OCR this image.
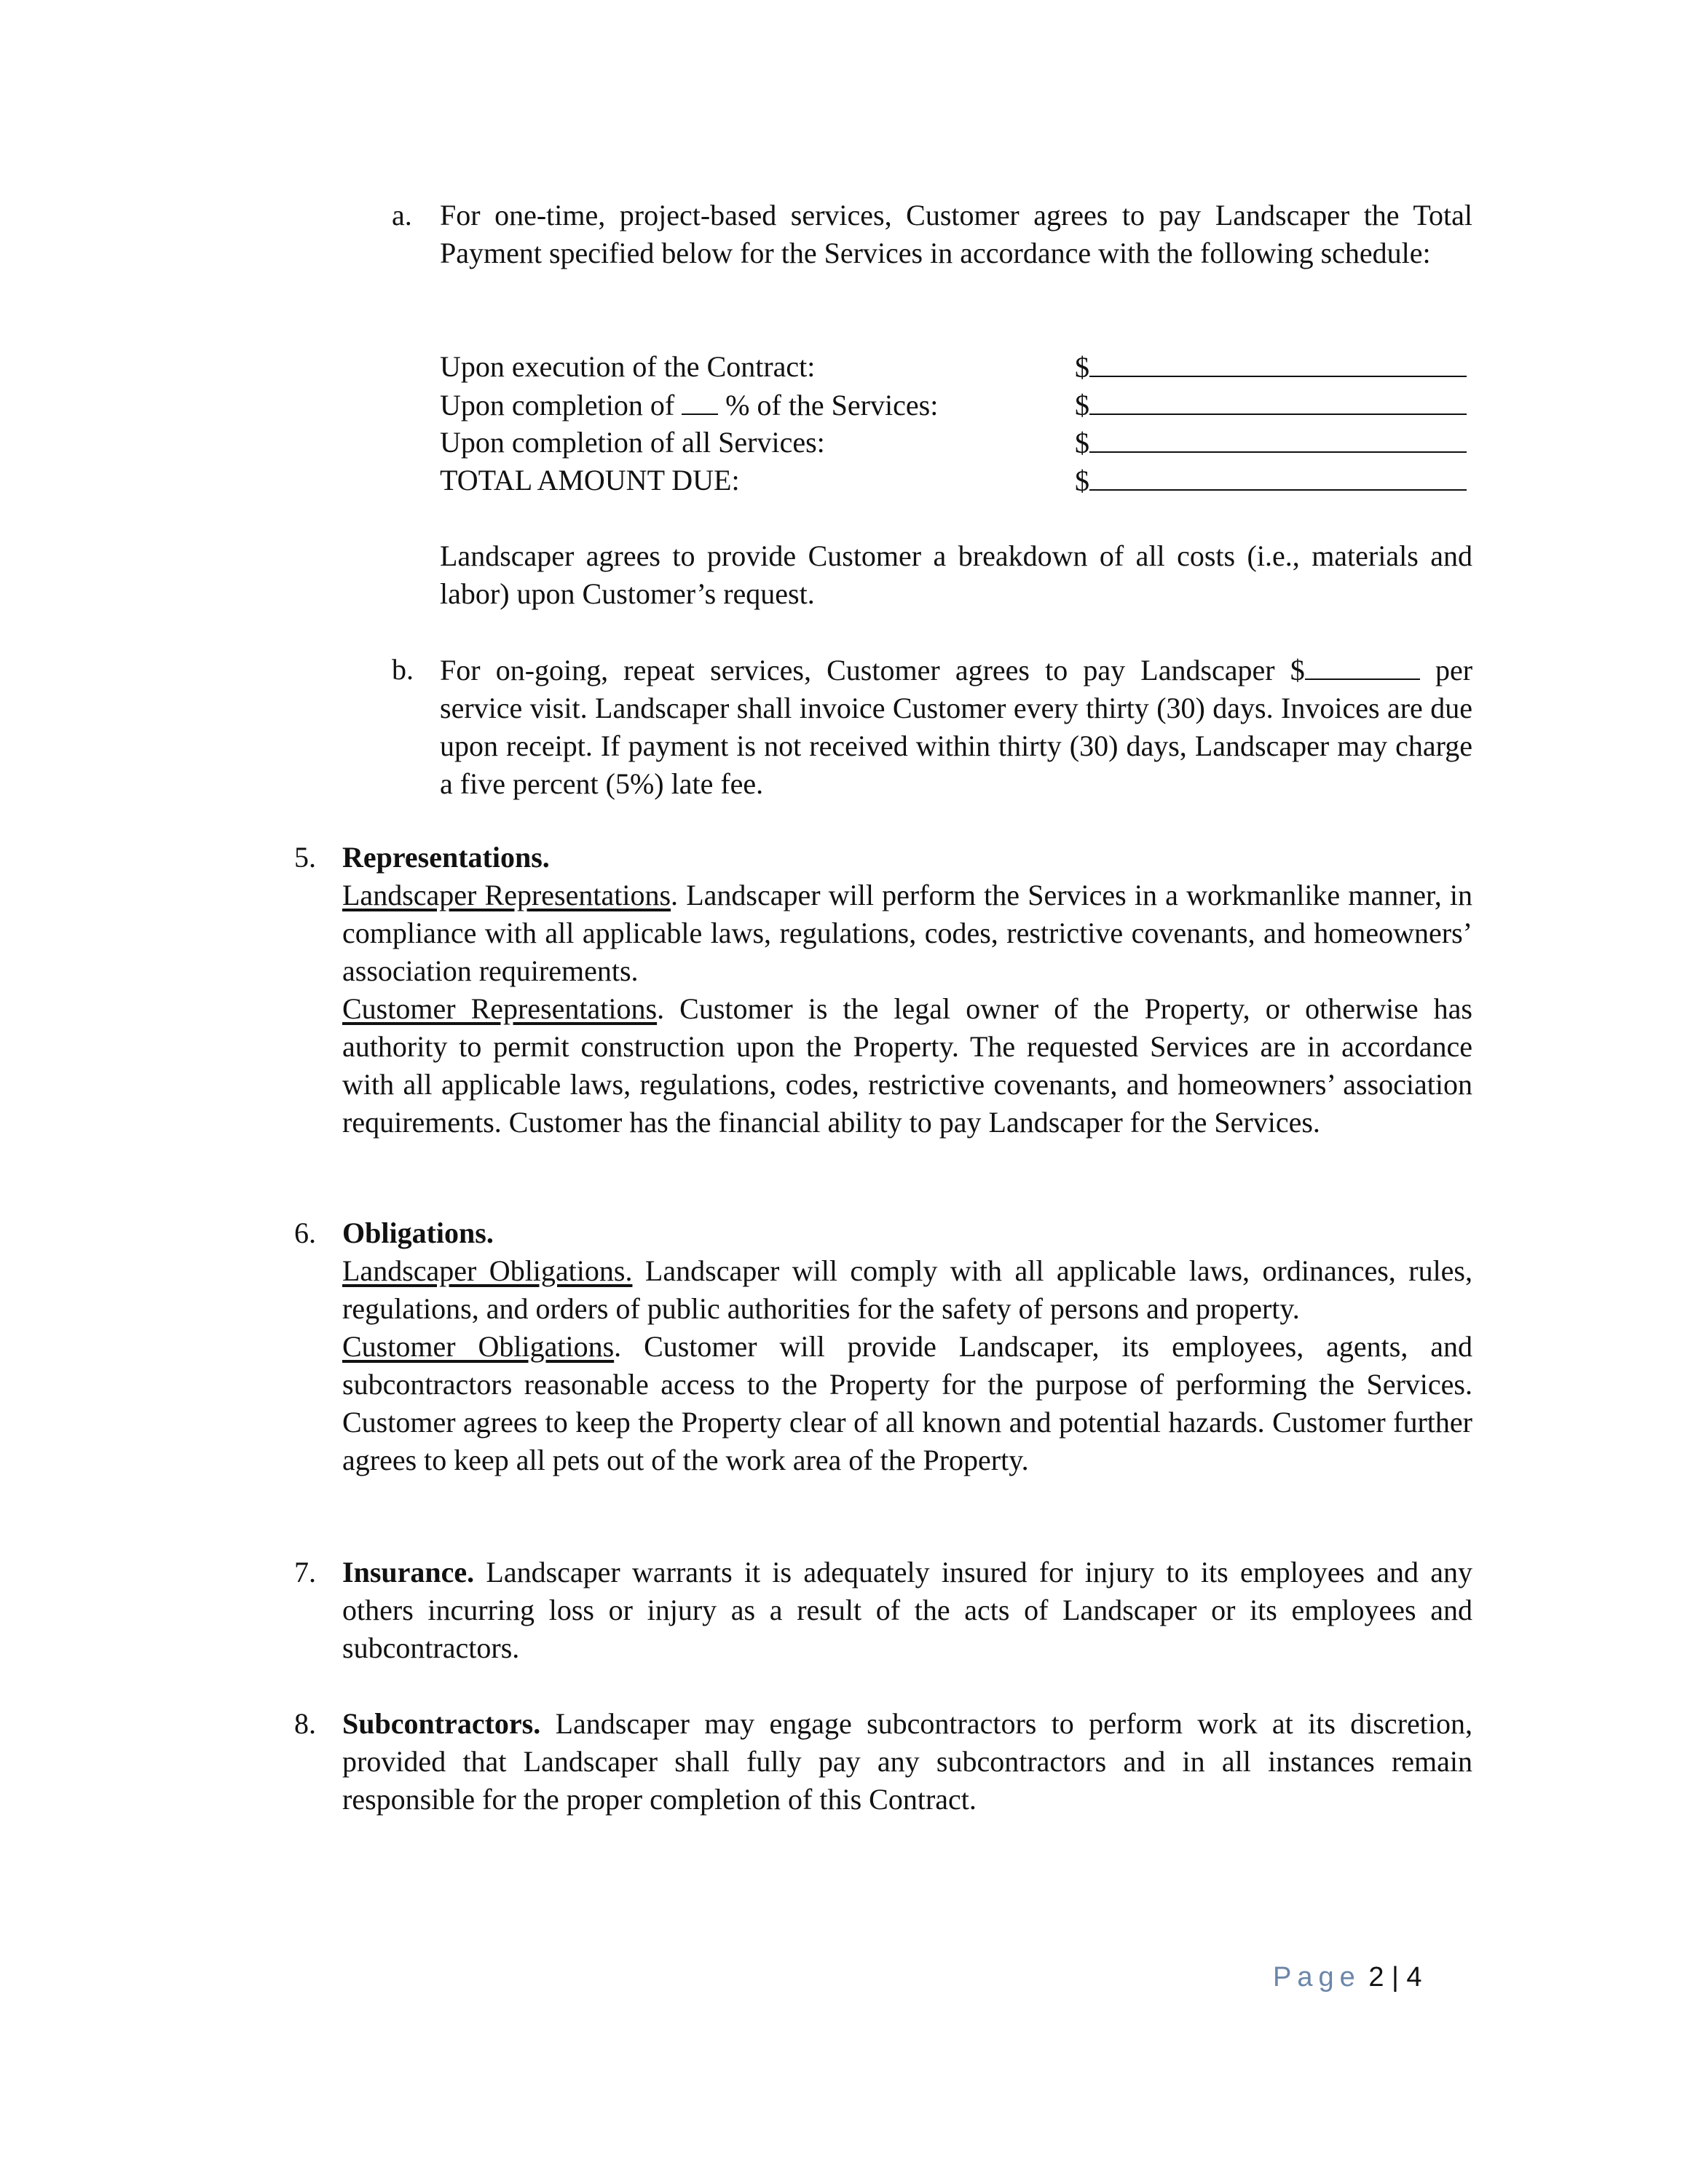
a. For one-time, project-based services, Customer agrees to pay Landscaper the Total Payment specified below for the Services in accordance with the following schedule:

Upon execution of the Contract:	$
Upon completion of % of the Services:	$
Upon completion of all Services:	$
TOTAL AMOUNT DUE:	$

Landscaper agrees to provide Customer a breakdown of all costs (i.e., materials and labor) upon Customer’s request.

b. For on-going, repeat services, Customer agrees to pay Landscaper $	per service visit. Landscaper shall invoice Customer every thirty (30) days. Invoices are due upon receipt. If payment is not received within thirty (30) days, Landscaper may charge a five percent (5%) late fee.

5. Representations.

Landscaper Representations. Landscaper will perform the Services in a workmanlike manner, in compliance with all applicable laws, regulations, codes, restrictive covenants, and homeowners’ association requirements.

Customer Representations. Customer is the legal owner of the Property, or otherwise has authority to permit construction upon the Property. The requested Services are in accordance with all applicable laws, regulations, codes, restrictive covenants, and homeowners’ association requirements. Customer has the financial ability to pay Landscaper for the Services.

6. Obligations.

Landscaper Obligations. Landscaper will comply with all applicable laws, ordinances, rules, regulations, and orders of public authorities for the safety of persons and property.

Customer Obligations. Customer will provide Landscaper, its employees, agents, and subcontractors reasonable access to the Property for the purpose of performing the Services. Customer agrees to keep the Property clear of all known and potential hazards. Customer further agrees to keep all pets out of the work area of the Property.

7. Insurance. Landscaper warrants it is adequately insured for injury to its employees and any others incurring loss or injury as a result of the acts of Landscaper or its employees and subcontractors.

8. Subcontractors. Landscaper may engage subcontractors to perform work at its discretion, provided that Landscaper shall fully pay any subcontractors and in all instances remain responsible for the proper completion of this Contract.

Page 2 | 4
